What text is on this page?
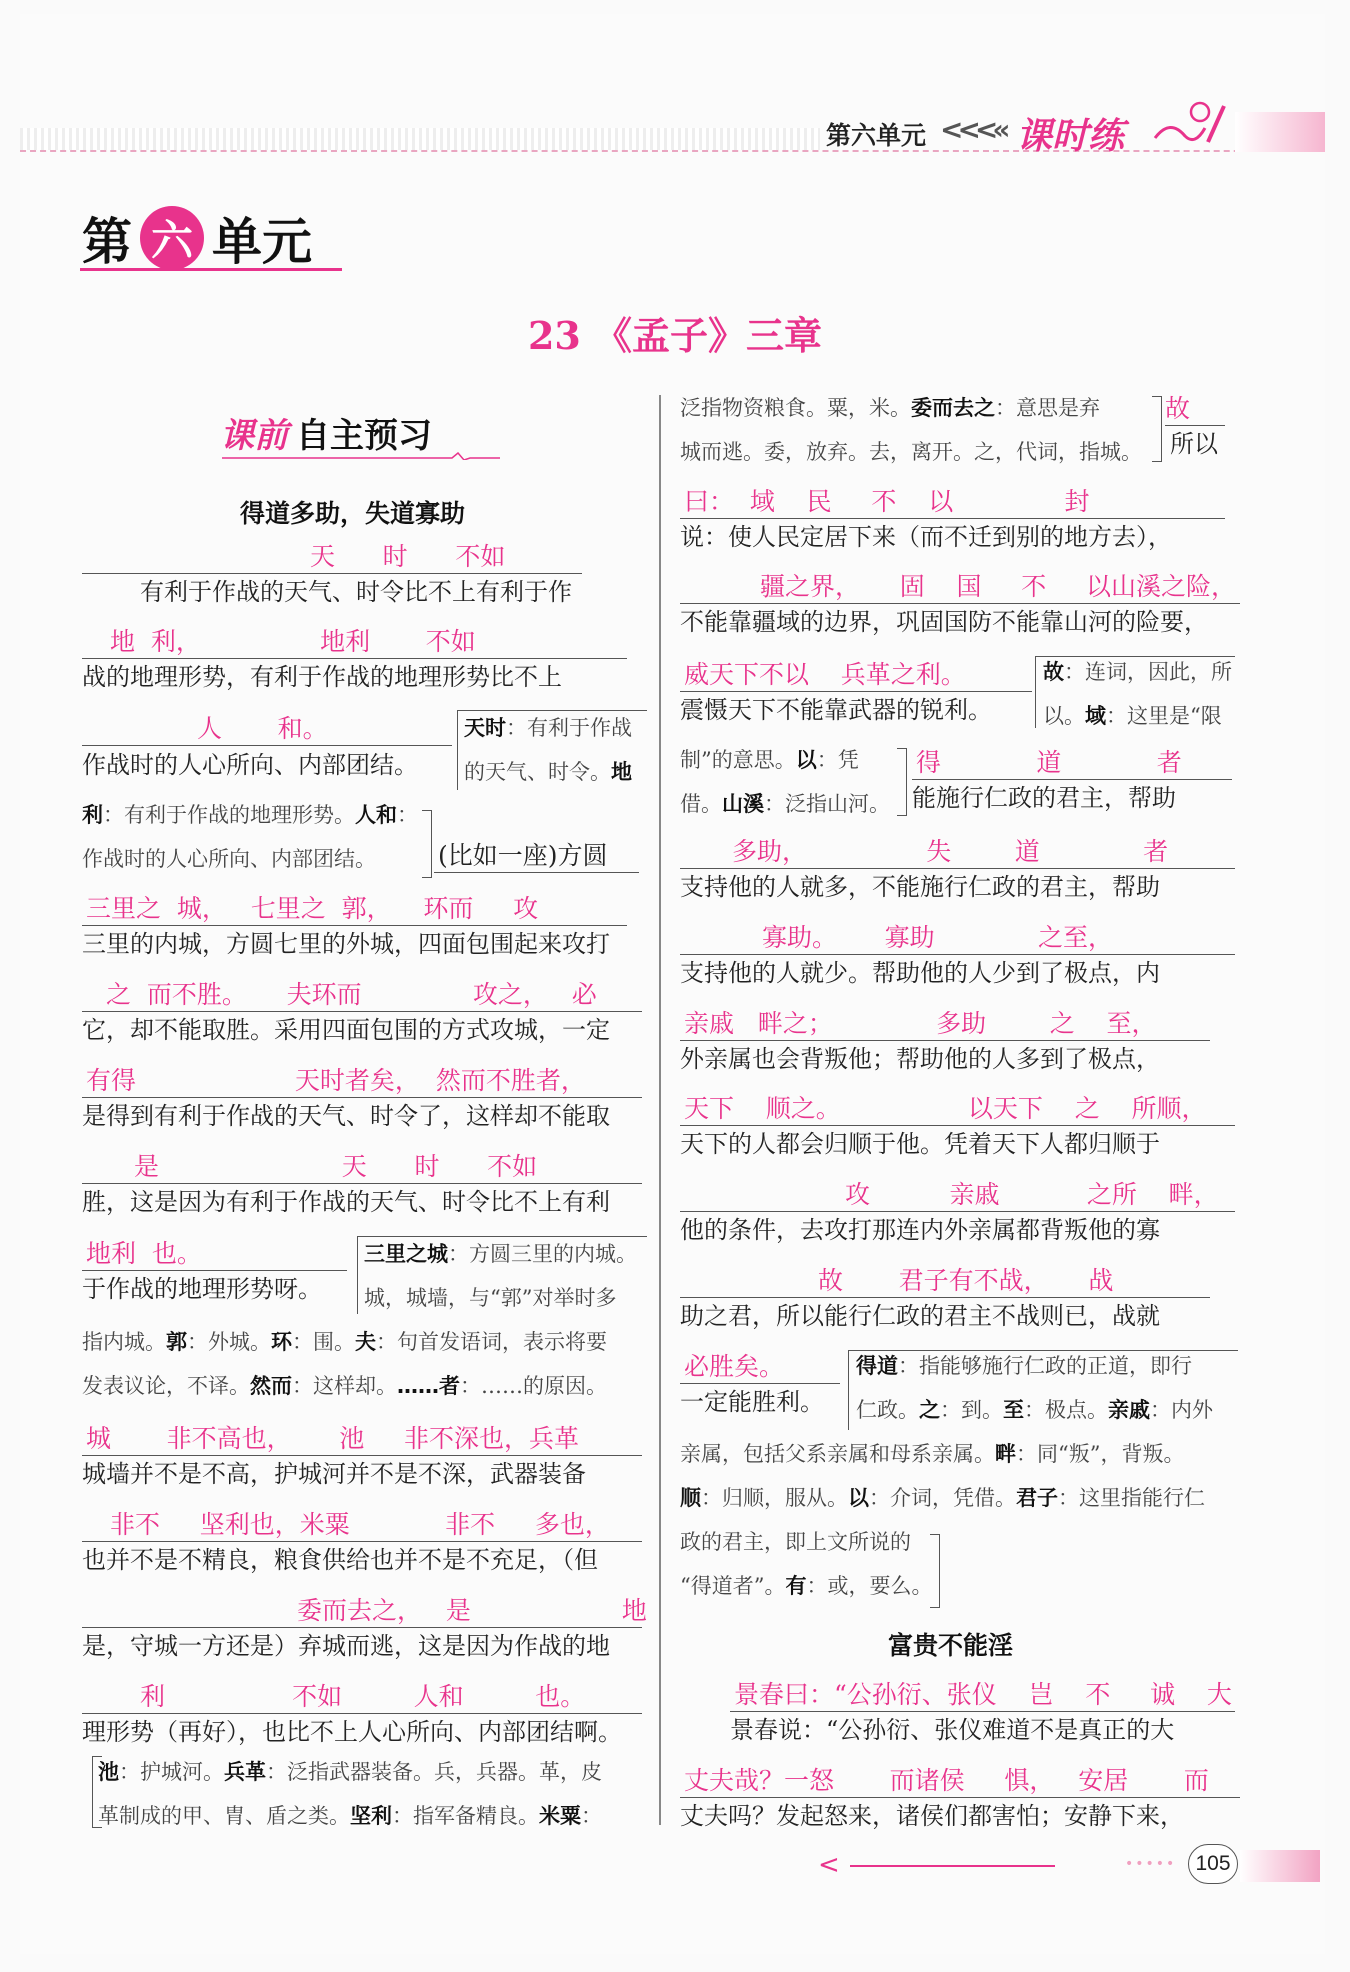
第六单元 <<<« 课时练
第 六 单元
23 《孟子》三章
课前 自主预习
得道多助，失道寡助
天      时      不如
有利于作战的天气、时令比不上有利于作
地  利，               地利       不如
战的地理形势，有利于作战的地理形势比不上
人       和。
作战时的人心所向、内部团结。
(比如一座)方圆
三里之  城，   七里之  郭，    环而     攻
三里的内城，方圆七里的外城，四面包围起来攻打
之  而不胜。     夫环而              攻之，   必
它，却不能取胜。采用四面包围的方式攻城，一定
有得                    天时者矣，  然而不胜者，
是得到有利于作战的天气、时令了，这样却不能取
是                       天      时      不如
胜，这是因为有利于作战的天气、时令比不上有利
地利  也。
于作战的地理形势呀。
城       非不高也，      池     非不深也，兵革
城墙并不是不高，护城河并不是不深，武器装备
非不     坚利也，米粟            非不     多也，
也并不是不精良，粮食供给也并不是不充足，（但
委而去之，   是                   地
是，守城一方还是）弃城而逃，这是因为作战的地
利                不如         人和         也。
理形势（再好），也比不上人心所向、内部团结啊。
天时：有利于作战
的天气、时令。地
利：有利于作战的地理形势。人和：
作战时的人心所向、内部团结。
三里之城：方圆三里的内城。
城，城墙，与“郭”对举时多
指内城。郭：外城。环：围。夫：句首发语词，表示将要
发表议论，不译。然而：这样却。……者：……的原因。
池：护城河。兵革：泛指武器装备。兵，兵器。革，皮
革制成的甲、胄、盾之类。坚利：指军备精良。米粟：
泛指物资粮食。粟，米。委而去之：意思是弃
城而逃。委，放弃。去，离开。之，代词，指城。
故
所以
曰：  域    民     不    以              封
说：使人民定居下来（而不迁到别的地方去），
疆之界，     固    国     不     以山溪之险，
不能靠疆域的边界，巩固国防不能靠山河的险要，
威天下不以    兵革之利。
震慑天下不能靠武器的锐利。
得            道            者
能施行仁政的君主，帮助
多助，               失        道             者
支持他的人就多，不能施行仁政的君主，帮助
寡助。      寡助             之至，
支持他的人就少。帮助他的人少到了极点，内
亲戚   畔之；             多助        之    至，
外亲属也会背叛他；帮助他的人多到了极点，
天下    顺之。                以天下    之    所顺，
天下的人都会归顺于他。凭着天下人都归顺于
攻          亲戚           之所    畔，
他的条件，去攻打那连内外亲属都背叛他的寡
故       君子有不战，     战
助之君，所以能行仁政的君主不战则已，战就
必胜矣。
一定能胜利。
景春曰：“公孙衍、张仪    岂    不     诚    大
景春说：“公孙衍、张仪难道不是真正的大
丈夫哉？一怒       而诸侯     惧，   安居       而
丈夫吗？发起怒来，诸侯们都害怕；安静下来，
故：连词，因此，所
以。域：这里是“限
制”的意思。以：凭
借。山溪：泛指山河。
得道：指能够施行仁政的正道，即行
仁政。之：到。至：极点。亲戚：内外
亲属，包括父系亲属和母系亲属。畔：同“叛”，背叛。
顺：归顺，服从。以：介词，凭借。君子：这里指能行仁
政的君主，即上文所说的
“得道者”。有：或，要么。
富贵不能淫
<	••••• 105
